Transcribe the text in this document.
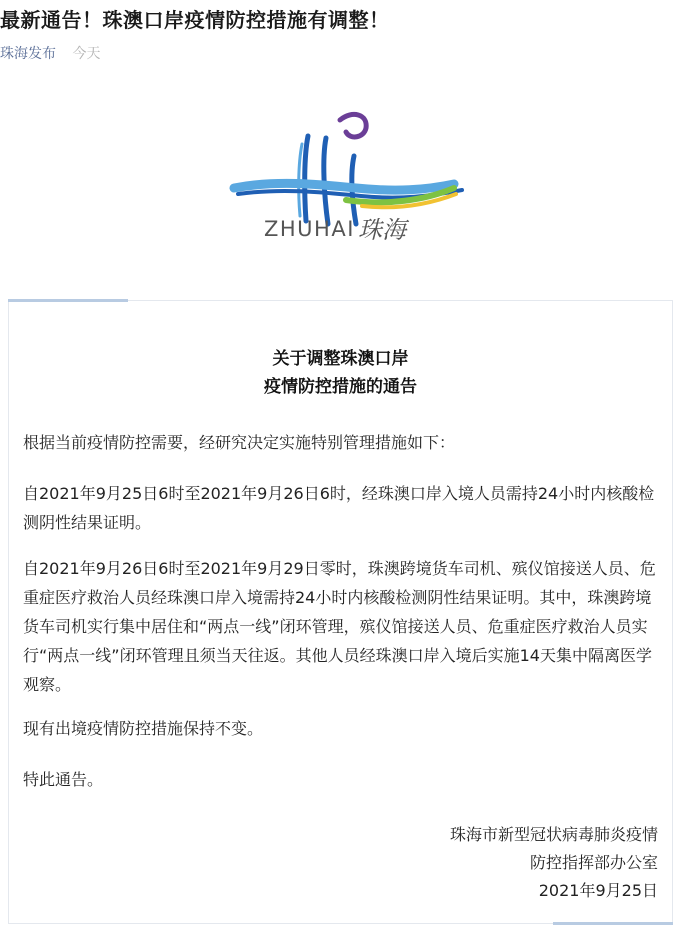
最新通告！珠澳口岸疫情防控措施有调整！
珠海发布 今天
ZHUHAI 珠海
关于调整珠澳口岸
疫情防控措施的通告
根据当前疫情防控需要，经研究决定实施特别管理措施如下：
自2021年9月25日6时至2021年9月26日6时，经珠澳口岸入境人员需持24小时内核酸检测阴性结果证明。
自2021年9月26日6时至2021年9月29日零时，珠澳跨境货车司机、殡仪馆接送人员、危重症医疗救治人员经珠澳口岸入境需持24小时内核酸检测阴性结果证明。其中，珠澳跨境货车司机实行集中居住和“两点一线”闭环管理，殡仪馆接送人员、危重症医疗救治人员实行“两点一线”闭环管理且须当天往返。其他人员经珠澳口岸入境后实施14天集中隔离医学观察。
现有出境疫情防控措施保持不变。
特此通告。
珠海市新型冠状病毒肺炎疫情
防控指挥部办公室
2021年9月25日
